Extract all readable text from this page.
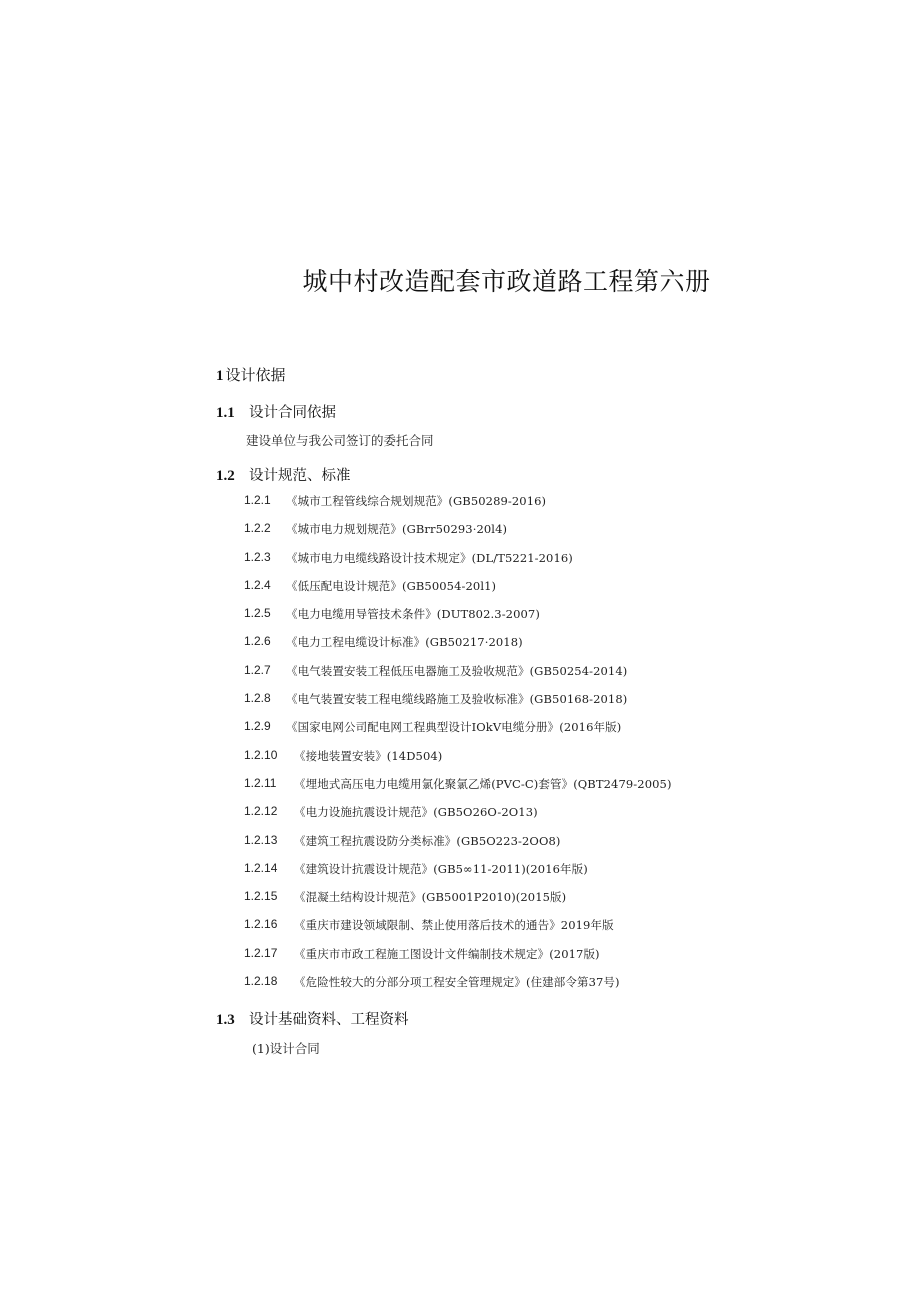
城中村改造配套市政道路工程第六册
1 设计依据
1.1 设计合同依据
建设单位与我公司签订的委托合同
1.2 设计规范、标准
1.2.1	《城市工程管线综合规划规范》(GB50289-2016)
1.2.2	《城市电力规划规范》(GBrr50293·20l4)
1.2.3	《城市电力电缆线路设计技术规定》(DL/T5221-2016)
1.2.4	《低压配电设计规范》(GB50054-20l1)
1.2.5	《电力电缆用导管技术条件》(DUT802.3-2007)
1.2.6	《电力工程电缆设计标准》(GB50217·2018)
1.2.7	《电气装置安装工程低压电器施工及验收规范》(GB50254-2014)
1.2.8	《电气装置安装工程电缆线路施工及验收标准》(GB50168-2018)
1.2.9	《国家电网公司配电网工程典型设计IOkV电缆分册》(2016年版)
1.2.10	《接地装置安装》(14D504)
1.2.11	《埋地式高压电力电缆用氯化聚氯乙烯(PVC-C)套管》(QBT2479-2005)
1.2.12	《电力设施抗震设计规范》(GB5O26O-2O13)
1.2.13	《建筑工程抗震设防分类标准》(GB5O223-2OO8)
1.2.14	《建筑设计抗震设计规范》(GB5∞11-2011)(2016年版)
1.2.15	《混凝土结构设计规范》(GB5001P2010)(2015版)
1.2.16	《重庆市建设领域限制、禁止使用落后技术的通告》2019年版
1.2.17	《重庆市市政工程施工图设计文件编制技术规定》(2017版)
1.2.18	《危险性较大的分部分项工程安全管理规定》(住建部令第37号)
1.3 设计基础资料、工程资料
(1)设计合同
